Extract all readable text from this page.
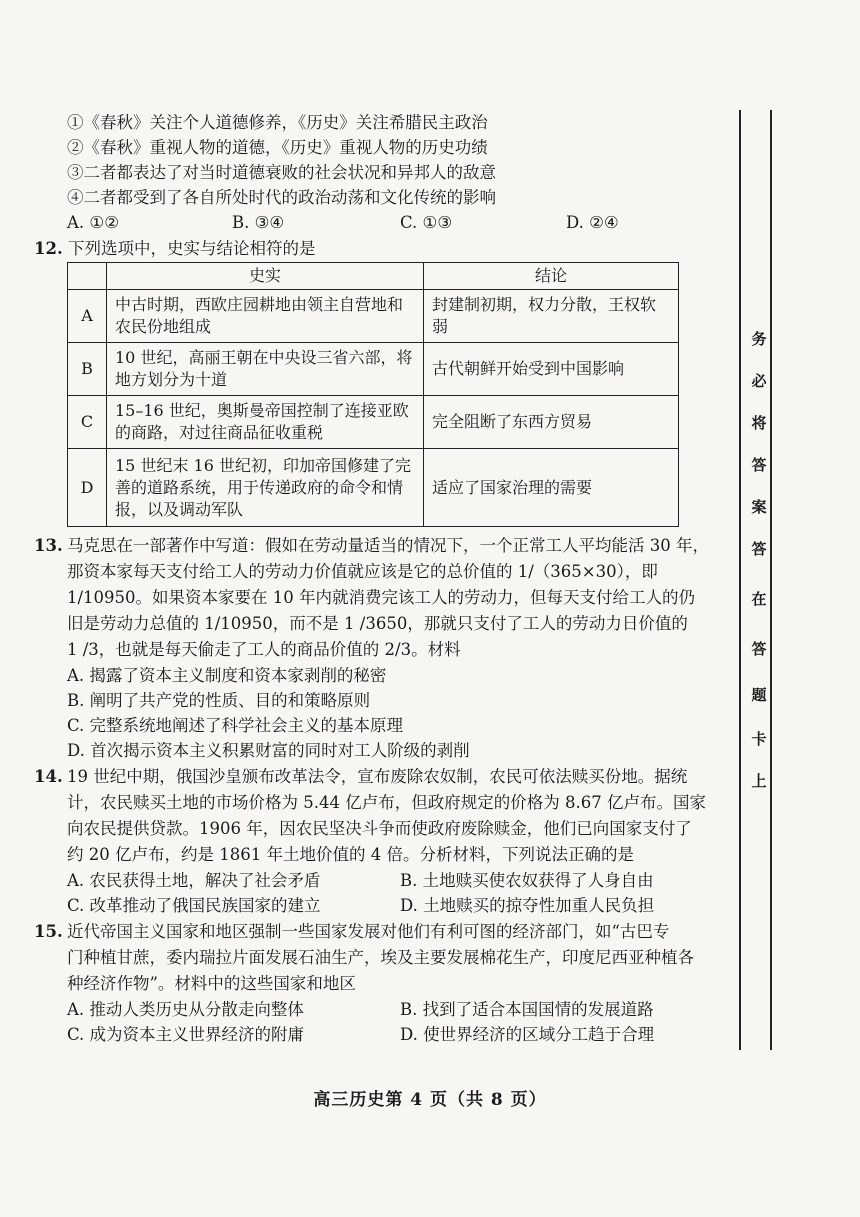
①《春秋》关注个人道德修养，《历史》关注希腊民主政治
②《春秋》重视人物的道德，《历史》重视人物的历史功绩
③二者都表达了对当时道德衰败的社会状况和异邦人的敌意
④二者都受到了各自所处时代的政治动荡和文化传统的影响
A. ①②	B. ③④	C. ①③	D. ②④
12. 下列选项中，史实与结论相符的是
	史实	结论
A	中古时期，西欧庄园耕地由领主自营地和农民份地组成	封建制初期，权力分散，王权软弱
B	10 世纪，高丽王朝在中央设三省六部，将地方划分为十道	古代朝鲜开始受到中国影响
C	15–16 世纪，奥斯曼帝国控制了连接亚欧的商路，对过往商品征收重税	完全阻断了东西方贸易
D	15 世纪末 16 世纪初，印加帝国修建了完善的道路系统，用于传递政府的命令和情报，以及调动军队	适应了国家治理的需要
13. 马克思在一部著作中写道：假如在劳动量适当的情况下，一个正常工人平均能活 30 年，
那资本家每天支付给工人的劳动力价值就应该是它的总价值的 1/（365×30），即
1/10950。如果资本家要在 10 年内就消费完该工人的劳动力，但每天支付给工人的仍
旧是劳动力总值的 1/10950，而不是 1 /3650，那就只支付了工人的劳动力日价值的
1 /3，也就是每天偷走了工人的商品价值的 2/3。材料
A. 揭露了资本主义制度和资本家剥削的秘密
B. 阐明了共产党的性质、目的和策略原则
C. 完整系统地阐述了科学社会主义的基本原理
D. 首次揭示资本主义积累财富的同时对工人阶级的剥削
14. 19 世纪中期，俄国沙皇颁布改革法令，宣布废除农奴制，农民可依法赎买份地。据统
计，农民赎买土地的市场价格为 5.44 亿卢布，但政府规定的价格为 8.67 亿卢布。国家
向农民提供贷款。1906 年，因农民坚决斗争而使政府废除赎金，他们已向国家支付了
约 20 亿卢布，约是 1861 年土地价值的 4 倍。分析材料，下列说法正确的是
A. 农民获得土地，解决了社会矛盾	B. 土地赎买使农奴获得了人身自由
C. 改革推动了俄国民族国家的建立	D. 土地赎买的掠夺性加重人民负担
15. 近代帝国主义国家和地区强制一些国家发展对他们有利可图的经济部门，如“古巴专
门种植甘蔗，委内瑞拉片面发展石油生产，埃及主要发展棉花生产，印度尼西亚种植各
种经济作物”。材料中的这些国家和地区
A. 推动人类历史从分散走向整体	B. 找到了适合本国国情的发展道路
C. 成为资本主义世界经济的附庸	D. 使世界经济的区域分工趋于合理
务
必
将
答
案
答
在
答
题
卡
上
高三历史第 4 页（共 8 页）
